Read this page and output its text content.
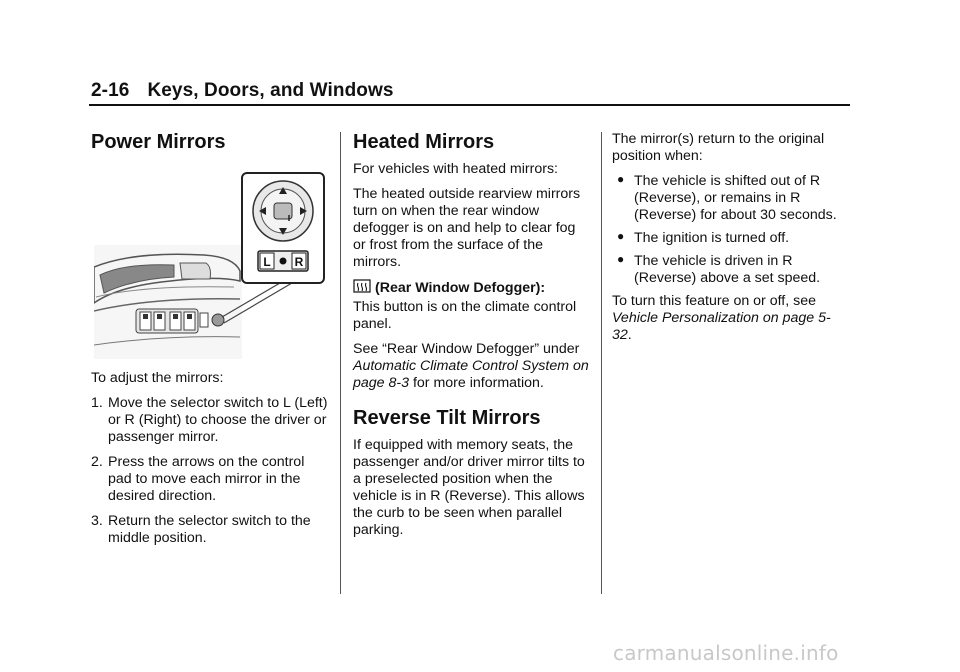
2-16 Keys, Doors, and Windows
Power Mirrors
L R

To adjust the mirrors:

1. Move the selector switch to L (Left) or R (Right) to choose the driver or passenger mirror.
2. Press the arrows on the control pad to move each mirror in the desired direction.
3. Return the selector switch to the middle position.
Heated Mirrors

For vehicles with heated mirrors:

The heated outside rearview mirrors turn on when the rear window defogger is on and help to clear fog or frost from the surface of the mirrors.

(Rear Window Defogger):
This button is on the climate control panel.

See “Rear Window Defogger” under Automatic Climate Control System on page 8-3 for more information.

Reverse Tilt Mirrors

If equipped with memory seats, the passenger and/or driver mirror tilts to a preselected position when the vehicle is in R (Reverse). This allows the curb to be seen when parallel parking.

The mirror(s) return to the original position when:

● The vehicle is shifted out of R (Reverse), or remains in R (Reverse) for about 30 seconds.
● The ignition is turned off.
● The vehicle is driven in R (Reverse) above a set speed.

To turn this feature on or off, see
Vehicle Personalization on page 5-32.

carmanualsonline.info
